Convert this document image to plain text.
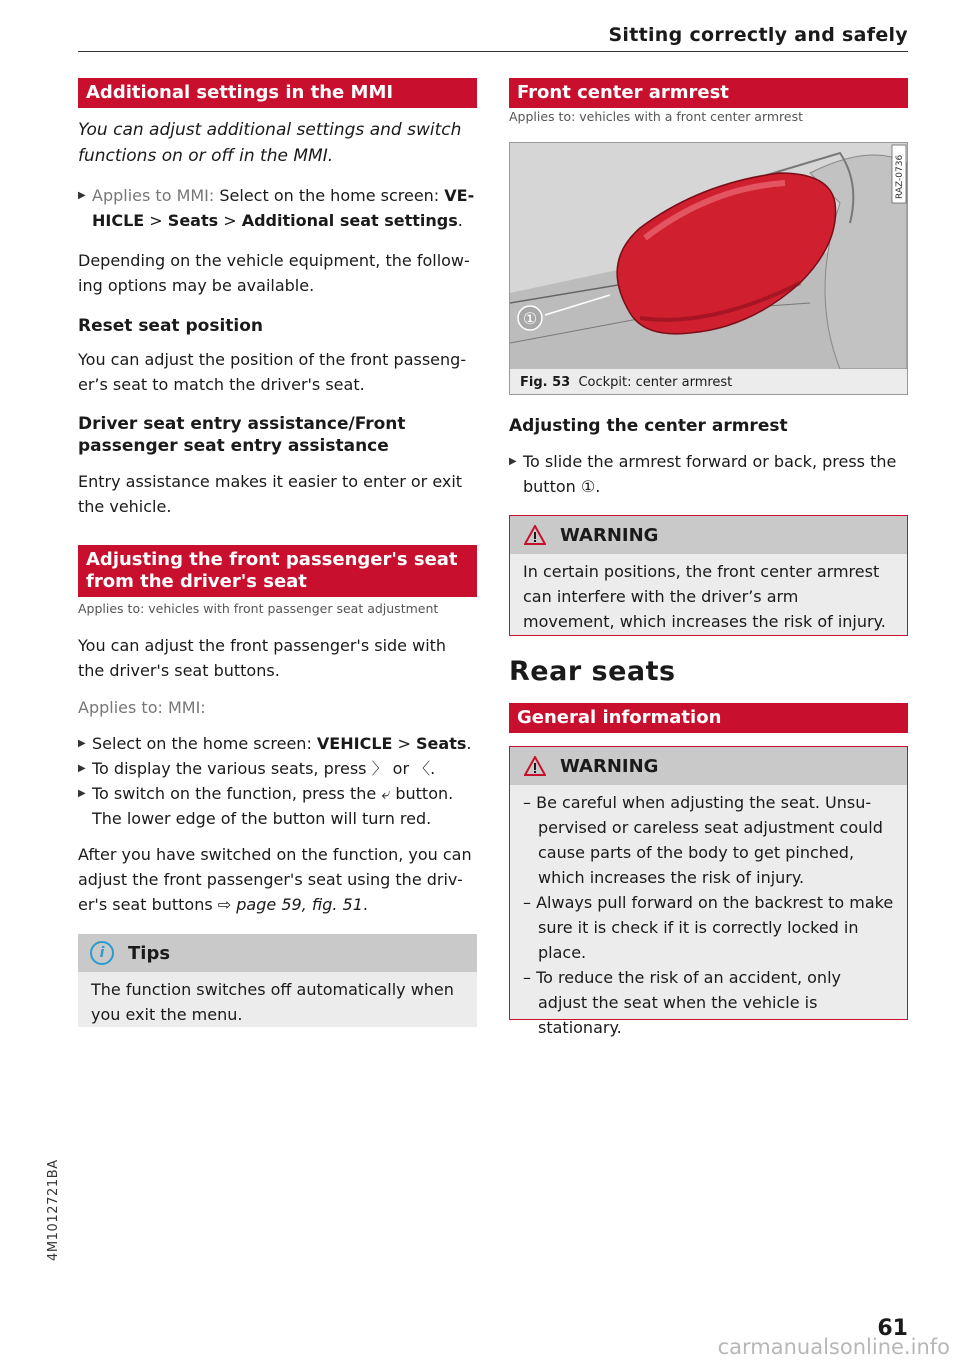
Sitting correctly and safely
Additional settings in the MMI

You can adjust additional settings and switch functions on or off in the MMI.

▶ Applies to MMI: Select on the home screen: VE-HICLE > Seats > Additional seat settings.

Depending on the vehicle equipment, the follow-ing options may be available.

Reset seat position

You can adjust the position of the front passeng-er’s seat to match the driver's seat.

Driver seat entry assistance/Front passenger seat entry assistance

Entry assistance makes it easier to enter or exit the vehicle.

Adjusting the front passenger's seat from the driver's seat
Applies to: vehicles with front passenger seat adjustment

You can adjust the front passenger's side with the driver's seat buttons.

Applies to: MMI:

▶ Select on the home screen: VEHICLE > Seats.
▶ To display the various seats, press 〉 or 〈.
▶ To switch on the function, press the ⤶ button. The lower edge of the button will turn red.

After you have switched on the function, you can adjust the front passenger's seat using the driv-er's seat buttons ⇨ page 59, fig. 51.

i	Tips

The function switches off automatically when you exit the menu.

Front center armrest
Applies to: vehicles with a front center armrest
①
RAZ-0736
Fig. 53 Cockpit: center armrest
Adjusting the center armrest
▶ To slide the armrest forward or back, press the button ①.
WARNING

In certain positions, the front center armrest can interfere with the driver’s arm movement, which increases the risk of injury.

Rear seats
General information
WARNING

– Be careful when adjusting the seat. Unsu-pervised or careless seat adjustment could cause parts of the body to get pinched, which increases the risk of injury.

– Always pull forward on the backrest to make sure it is check if it is correctly locked in place.

– To reduce the risk of an accident, only adjust the seat when the vehicle is stationary.

4M1012721BA
61
carmanualsonline.info
